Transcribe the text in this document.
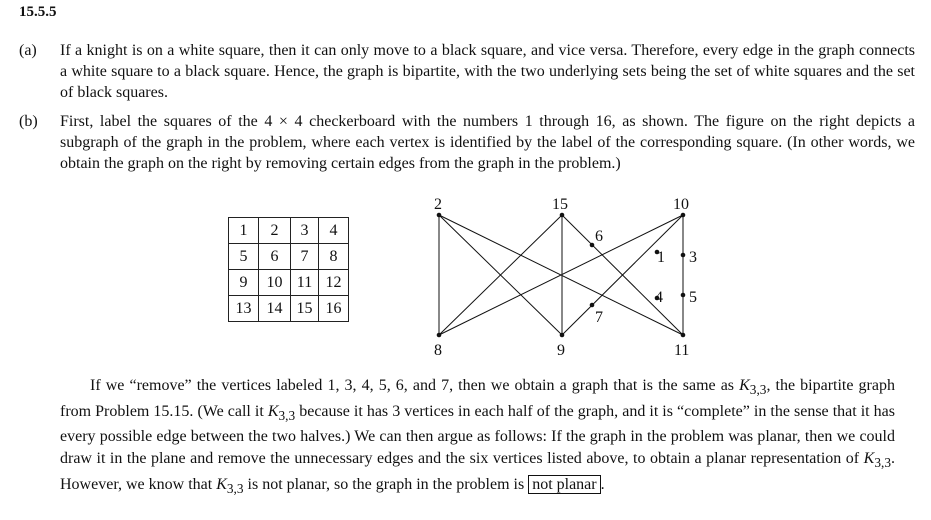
15.5.5
(a) If a knight is on a white square, then it can only move to a black square, and vice versa. Therefore, every edge in the graph connects a white square to a black square. Hence, the graph is bipartite, with the two underlying sets being the set of white squares and the set of black squares.
(b) First, label the squares of the 4 × 4 checkerboard with the numbers 1 through 16, as shown. The figure on the right depicts a subgraph of the graph in the problem, where each vertex is identified by the label of the corresponding square. (In other words, we obtain the graph on the right by removing certain edges from the graph in the problem.)
1	2	3	4
5	6	7	8
9	10	11	12
13	14	15	16
2	15	10
6
1 3
4 5
7
8	9	11
If we “remove” the vertices labeled 1, 3, 4, 5, 6, and 7, then we obtain a graph that is the same as $K_{3,3}$, the bipartite graph from Problem 15.15. (We call it $K_{3,3}$ because it has 3 vertices in each half of the graph, and it is “complete” in the sense that it has every possible edge between the two halves.) We can then argue as follows: If the graph in the problem was planar, then we could draw it in the plane and remove the unnecessary edges and the six vertices listed above, to obtain a planar representation of $K_{3,3}$. However, we know that $K_{3,3}$ is not planar, so the graph in the problem is not planar .
